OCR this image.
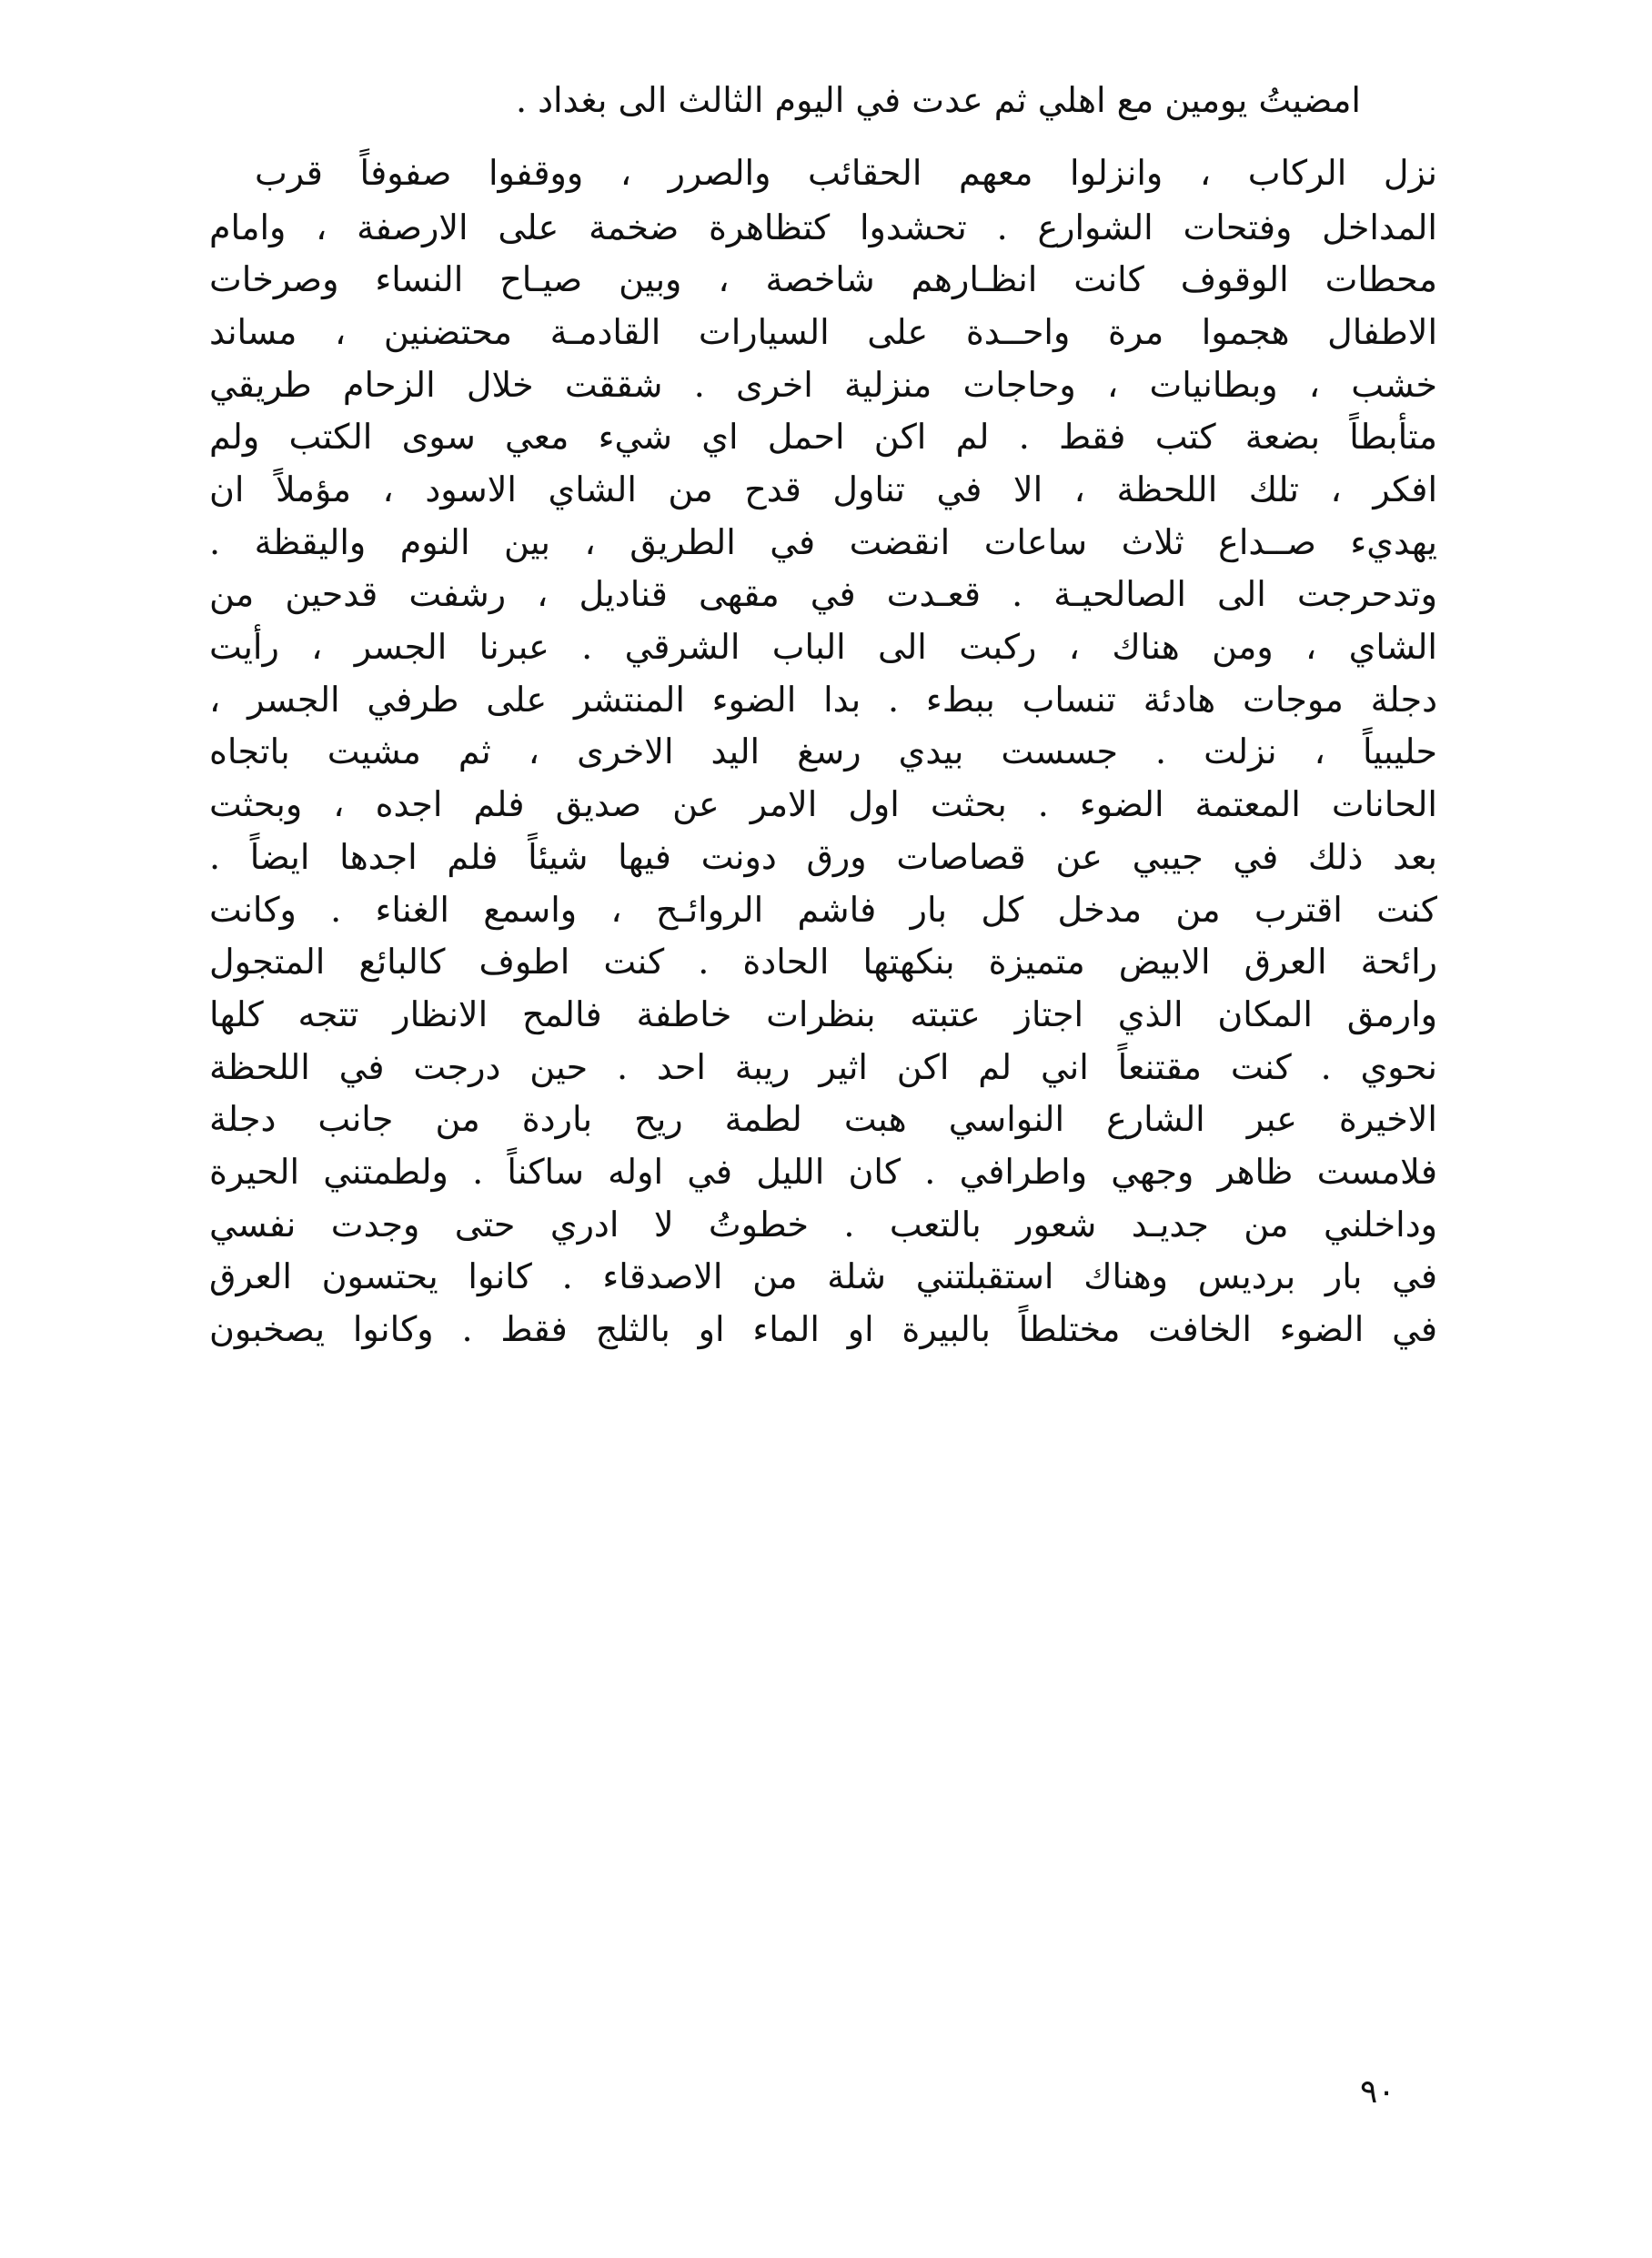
امضيتُ يومين مع اهلي ثم عدت في اليوم الثالث الى بغداد .
نزل الركاب ، وانزلوا معهم الحقائب والصرر ، ووقفوا صفوفاً قرب
المداخل وفتحات الشوارع . تحشدوا كتظاهرة ضخمة على الارصفة ، وامام
محطات الوقوف كانت انظـارهم شاخصة ، وبين صيـاح النساء وصرخات
الاطفال هجموا مرة واحــدة على السيارات القادمـة محتضنين ، مساند
خشب ، وبطانيات ، وحاجات منزلية اخرى . شققت خلال الزحام طريقي
متأبطاً بضعة كتب فقط . لم اكن احمل اي شيء معي سوى الكتب ولم
افكر ، تلك اللحظة ، الا في تناول قدح من الشاي الاسود ، مؤملاً ان
يهديء صــداع ثلاث ساعات انقضت في الطريق ، بين النوم واليقظة .
وتدحرجت الى الصالحيـة . قعـدت في مقهى قناديل ، رشفت قدحين من
الشاي ، ومن هناك ، ركبت الى الباب الشرقي . عبرنا الجسر ، رأيت
دجلة موجات هادئة تنساب ببطء . بدا الضوء المنتشر على طرفي الجسر ،
حليبياً ، نزلت . جسست بيدي رسغ اليد الاخرى ، ثم مشيت باتجاه
الحانات المعتمة الضوء . بحثت اول الامر عن صديق فلم اجده ، وبحثت
بعد ذلك في جيبي عن قصاصات ورق دونت فيها شيئاً فلم اجدها ايضاً .
كنت اقترب من مدخل كل بار فاشم الروائـح ، واسمع الغناء . وكانت
رائحة العرق الابيض متميزة بنكهتها الحادة . كنت اطوف كالبائع المتجول
وارمق المكان الذي اجتاز عتبته بنظرات خاطفة فالمح الانظار تتجه كلها
نحوي . كنت مقتنعاً اني لم اكن اثير ريبة احد . حين درجت في اللحظة
الاخيرة عبر الشارع النواسي هبت لطمة ريح باردة من جانب دجلة
فلامست ظاهر وجهي واطرافي . كان الليل في اوله ساكناً . ولطمتني الحيرة
وداخلني من جديـد شعور بالتعب . خطوتُ لا ادري حتى وجدت نفسي
في بار برديس وهناك استقبلتني شلة من الاصدقاء . كانوا يحتسون العرق
في الضوء الخافت مختلطاً بالبيرة او الماء او بالثلج فقط . وكانوا يصخبون
٩٠
